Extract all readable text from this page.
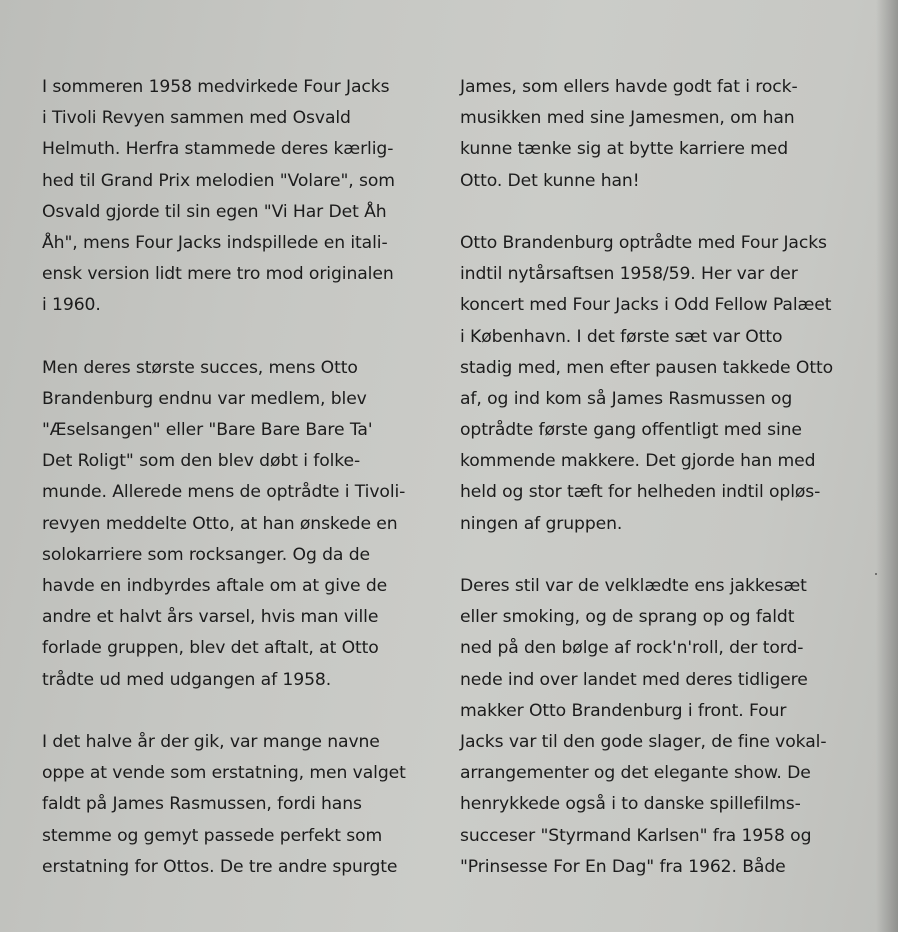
I sommeren 1958 medvirkede Four Jacks
i Tivoli Revyen sammen med Osvald
Helmuth. Herfra stammede deres kærlig-
hed til Grand Prix melodien "Volare", som
Osvald gjorde til sin egen "Vi Har Det Åh
Åh", mens Four Jacks indspillede en itali-
ensk version lidt mere tro mod originalen
i 1960.
Men deres største succes, mens Otto
Brandenburg endnu var medlem, blev
"Æselsangen" eller "Bare Bare Bare Ta'
Det Roligt" som den blev døbt i folke-
munde. Allerede mens de optrådte i Tivoli-
revyen meddelte Otto, at han ønskede en
solokarriere som rocksanger. Og da de
havde en indbyrdes aftale om at give de
andre et halvt års varsel, hvis man ville
forlade gruppen, blev det aftalt, at Otto
trådte ud med udgangen af 1958.
I det halve år der gik, var mange navne
oppe at vende som erstatning, men valget
faldt på James Rasmussen, fordi hans
stemme og gemyt passede perfekt som
erstatning for Ottos. De tre andre spurgte
James, som ellers havde godt fat i rock-
musikken med sine Jamesmen, om han
kunne tænke sig at bytte karriere med
Otto. Det kunne han!
Otto Brandenburg optrådte med Four Jacks
indtil nytårsaftsen 1958/59. Her var der
koncert med Four Jacks i Odd Fellow Palæet
i København. I det første sæt var Otto
stadig med, men efter pausen takkede Otto
af, og ind kom så James Rasmussen og
optrådte første gang offentligt med sine
kommende makkere. Det gjorde han med
held og stor tæft for helheden indtil opløs-
ningen af gruppen.
Deres stil var de velklædte ens jakkesæt
eller smoking, og de sprang op og faldt
ned på den bølge af rock'n'roll, der tord-
nede ind over landet med deres tidligere
makker Otto Brandenburg i front. Four
Jacks var til den gode slager, de fine vokal-
arrangementer og det elegante show. De
henrykkede også i to danske spillefilms-
succeser "Styrmand Karlsen" fra 1958 og
"Prinsesse For En Dag" fra 1962. Både
